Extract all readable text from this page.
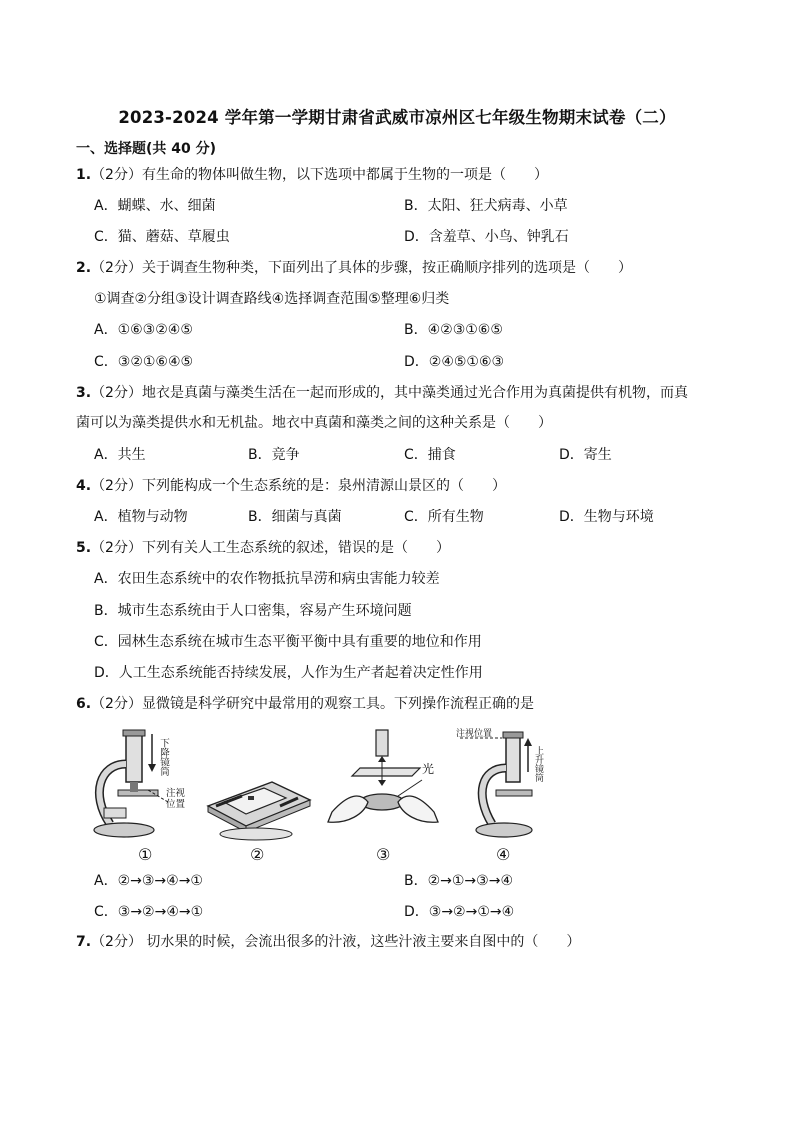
2023-2024 学年第一学期甘肃省武威市凉州区七年级生物期末试卷（二）
一、选择题(共 40 分)
1.（2分）有生命的物体叫做生物，以下选项中都属于生物的一项是（　　）
A．蝴蝶、水、细菌	B．太阳、狂犬病毒、小草
C．猫、蘑菇、草履虫	D．含羞草、小鸟、钟乳石
2.（2分）关于调查生物种类，下面列出了具体的步骤，按正确顺序排列的选项是（　　）
①调查②分组③设计调查路线④选择调查范围⑤整理⑥归类
A．①⑥③②④⑤	B．④②③①⑥⑤
C．③②①⑥④⑤	D．②④⑤①⑥③
3.（2分）地衣是真菌与藻类生活在一起而形成的，其中藻类通过光合作用为真菌提供有机物，而真
菌可以为藻类提供水和无机盐。地衣中真菌和藻类之间的这种关系是（　　）
A．共生	B．竞争	C．捕食	D．寄生
4.（2分）下列能构成一个生态系统的是：泉州清源山景区的（　　）
A．植物与动物	B．细菌与真菌	C．所有生物	D．生物与环境
5.（2分）下列有关人工生态系统的叙述，错误的是（　　）
A．农田生态系统中的农作物抵抗旱涝和病虫害能力较差
B．城市生态系统由于人口密集，容易产生环境问题
C．园林生态系统在城市生态平衡平衡中具有重要的地位和作用
D．人工生态系统能否持续发展，人作为生产者起着决定性作用
6.（2分）显微镜是科学研究中最常用的观察工具。下列操作流程正确的是
下降镜筒
注视位置
①	②
光
③
注视位置
上升镜筒
④
A．②→③→④→①	B．②→①→③→④
C．③→②→④→①	D．③→②→①→④
7.（2分） 切水果的时候，会流出很多的汁液，这些汁液主要来自图中的（　　）
